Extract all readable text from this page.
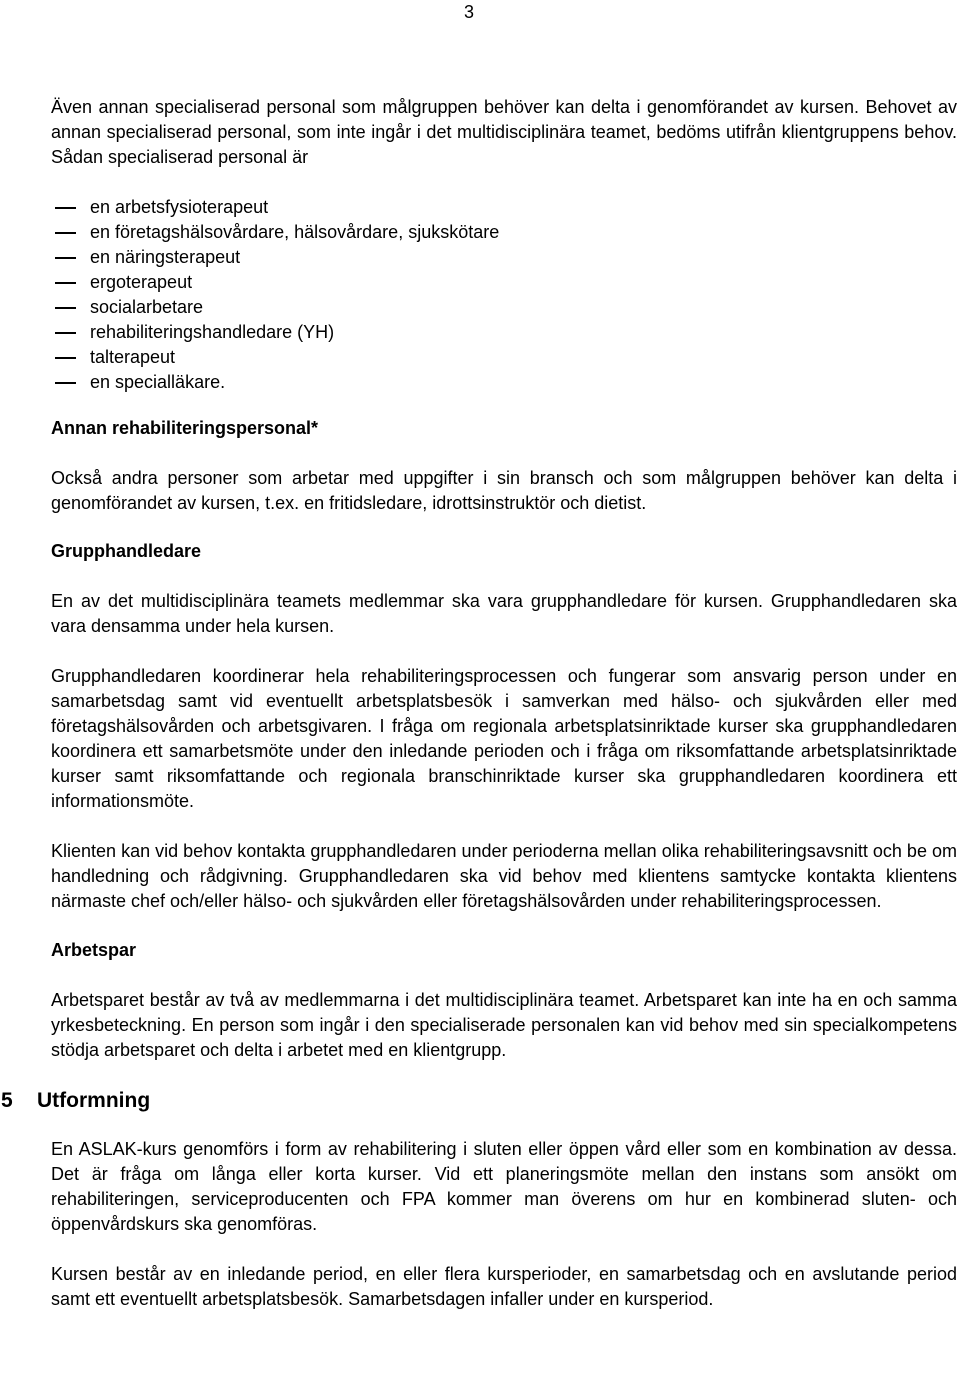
3

Även annan specialiserad personal som målgruppen behöver kan delta i genomförandet av kursen. Behovet av annan specialiserad personal, som inte ingår i det multidisciplinära teamet, bedöms utifrån klientgruppens behov. Sådan specialiserad personal är

en arbetsfysioterapeut
en företagshälsovårdare, hälsovårdare, sjukskötare
en näringsterapeut
ergoterapeut
socialarbetare
rehabiliteringshandledare (YH)
talterapeut
en specialläkare.
Annan rehabiliteringspersonal*

Också andra personer som arbetar med uppgifter i sin bransch och som målgruppen behöver kan delta i genomförandet av kursen, t.ex. en fritidsledare, idrottsinstruktör och dietist.

Grupphandledare

En av det multidisciplinära teamets medlemmar ska vara grupphandledare för kursen. Grupphandledaren ska vara densamma under hela kursen.

Grupphandledaren koordinerar hela rehabiliteringsprocessen och fungerar som ansvarig person under en samarbetsdag samt vid eventuellt arbetsplatsbesök i samverkan med hälso- och sjukvården eller med företagshälsovården och arbetsgivaren. I fråga om regionala arbetsplatsinriktade kurser ska grupphandledaren koordinera ett samarbetsmöte under den inledande perioden och i fråga om riksomfattande arbetsplatsinriktade kurser samt riksomfattande och regionala branschinriktade kurser ska grupphandledaren koordinera ett informationsmöte.

Klienten kan vid behov kontakta grupphandledaren under perioderna mellan olika rehabiliteringsavsnitt och be om handledning och rådgivning. Grupphandledaren ska vid behov med klientens samtycke kontakta klientens närmaste chef och/eller hälso- och sjukvården eller företagshälsovården under rehabiliteringsprocessen.

Arbetspar

Arbetsparet består av två av medlemmarna i det multidisciplinära teamet. Arbetsparet kan inte ha en och samma yrkesbeteckning. En person som ingår i den specialiserade personalen kan vid behov med sin specialkompetens stödja arbetsparet och delta i arbetet med en klientgrupp.

5 Utformning

En ASLAK-kurs genomförs i form av rehabilitering i sluten eller öppen vård eller som en kombination av dessa. Det är fråga om långa eller korta kurser. Vid ett planeringsmöte mellan den instans som ansökt om rehabiliteringen, serviceproducenten och FPA kommer man överens om hur en kombinerad sluten- och öppenvårdskurs ska genomföras.

Kursen består av en inledande period, en eller flera kursperioder, en samarbetsdag och en avslutande period samt ett eventuellt arbetsplatsbesök. Samarbetsdagen infaller under en kursperiod.
